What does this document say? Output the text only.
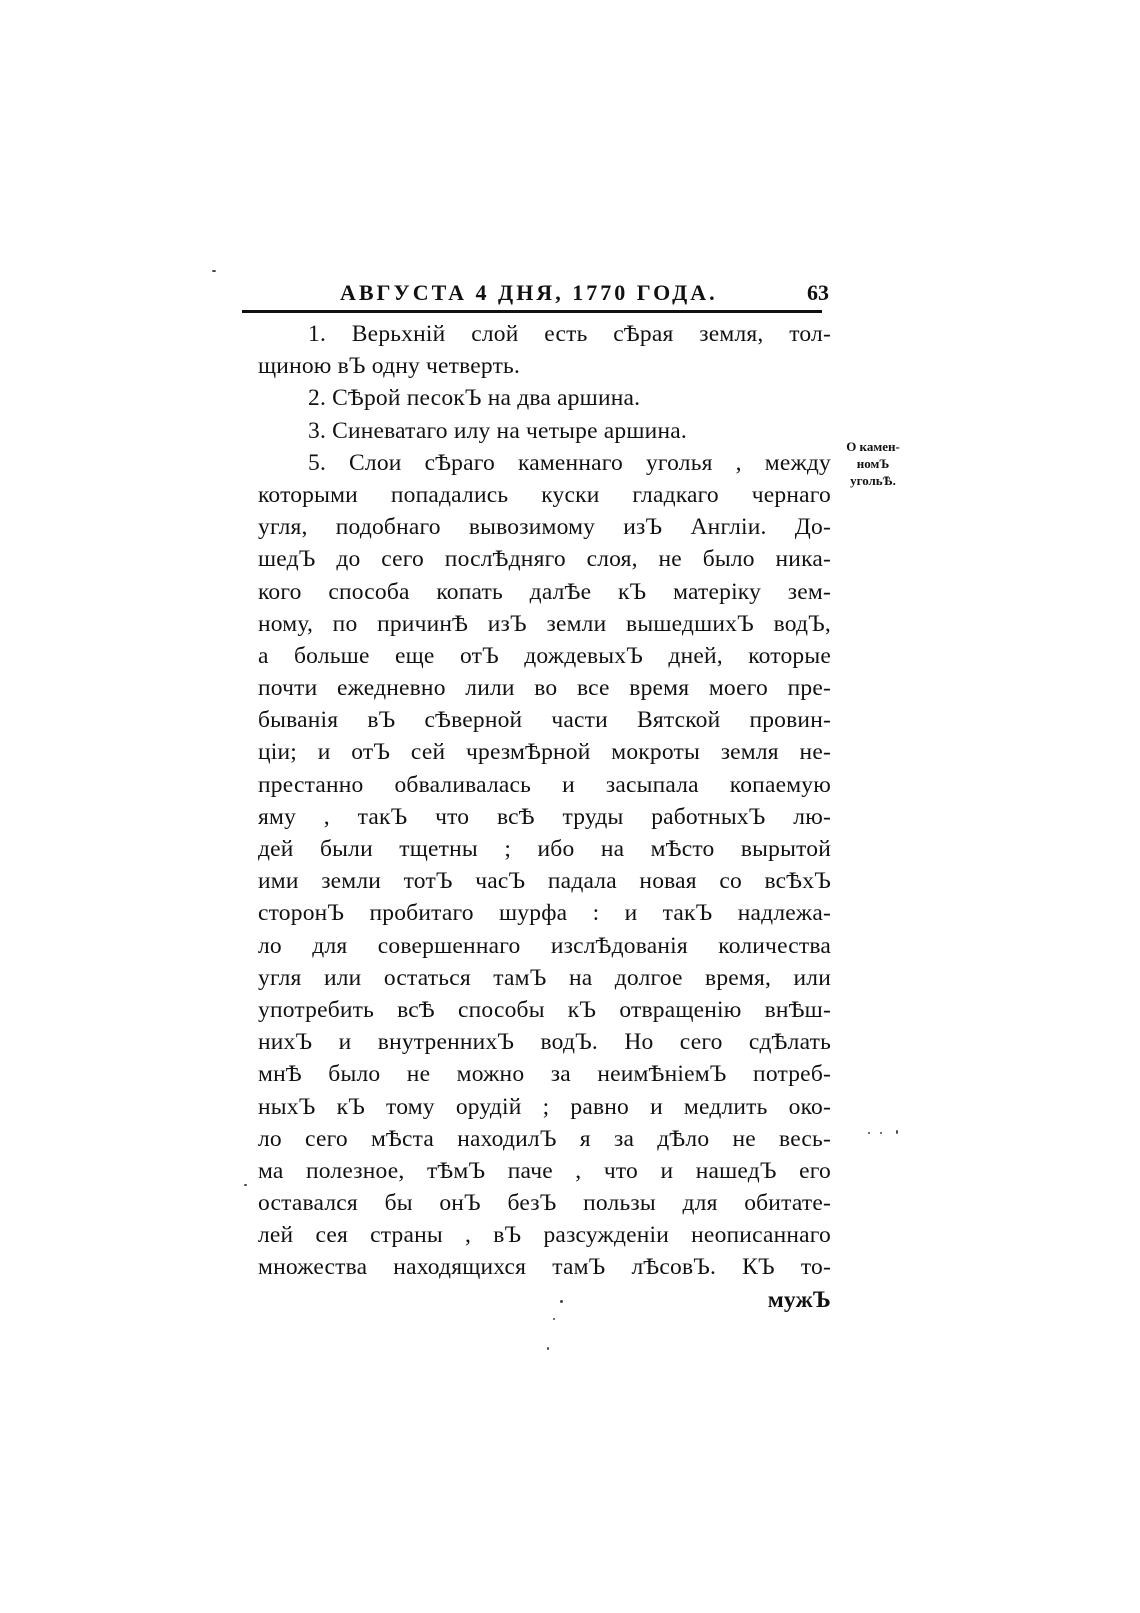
АВГУСТА 4 ДНЯ, 1770 ГОДА.	63
1. Верьхній слой есть сѢрая земля, тол-
щиною вЪ одну четверть.
2. СѢрой песокЪ на два аршина.
3. Синеватаго илу на четыре аршина.
5. Слои сѢраго каменнаго уголья , между
которыми попадались куски гладкаго чернаго
угля, подобнаго вывозимому изЪ Англіи. До-
шедЪ до сего послѢдняго слоя, не было ника-
кого способа копать далѢе кЪ матерiку зем-
ному, по причинѢ изЪ земли вышедшихЪ водЪ,
а больше еще отЪ дождевыхЪ дней, которые
почти ежедневно лили во все время моего пре-
быванія вЪ сѢверной части Вятской провин-
ціи; и отЪ сей чрезмѢрной мокроты земля не-
престанно обваливалась и засыпала копаемую
яму , такЪ что всѢ труды работныхЪ лю-
дей были тщетны ; ибо на мѢсто вырытой
ими земли тотЪ часЪ падала новая со всѢхЪ
сторонЪ пробитаго шурфа : и такЪ надлежа-
ло для совершеннаго изслѢдованія количества
угля или остаться тамЪ на долгое время, или
употребить всѢ способы кЪ отвращенію внѢш-
нихЪ и внутреннихЪ водЪ. Но сего сдѢлать
мнѢ было не можно за неимѢніемЪ потреб-
ныхЪ кЪ тому орудій ; равно и медлить око-
ло сего мѢста находилЪ я за дѢло не весь-
ма полезное, тѢмЪ паче , что и нашедЪ его
оставался бы онЪ безЪ пользы для обитате-
лей сея страны , вЪ разсужденіи неописаннаго
множества находящихся тамЪ лѢсовЪ. КЪ то-
мужЪ
О камен-
номЪ
угольѢ.
